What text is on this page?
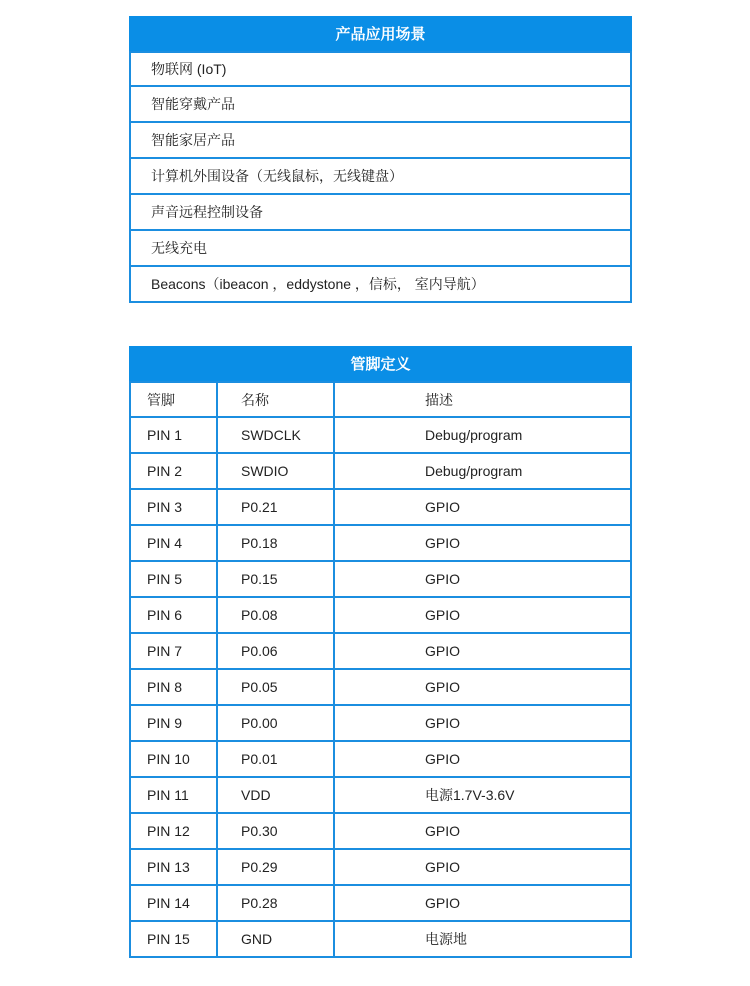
产品应用场景
物联网 (IoT)
智能穿戴产品
智能家居产品
计算机外围设备（无线鼠标，无线键盘）
声音远程控制设备
无线充电
Beacons（ibeacon ，eddystone ，信标， 室内导航）
管脚定义
管脚	名称	描述
PIN 1	SWDCLK	Debug/program
PIN 2	SWDIO	Debug/program
PIN 3	P0.21	GPIO
PIN 4	P0.18	GPIO
PIN 5	P0.15	GPIO
PIN 6	P0.08	GPIO
PIN 7	P0.06	GPIO
PIN 8	P0.05	GPIO
PIN 9	P0.00	GPIO
PIN 10	P0.01	GPIO
PIN 11	VDD	电源1.7V-3.6V
PIN 12	P0.30	GPIO
PIN 13	P0.29	GPIO
PIN 14	P0.28	GPIO
PIN 15	GND	电源地
